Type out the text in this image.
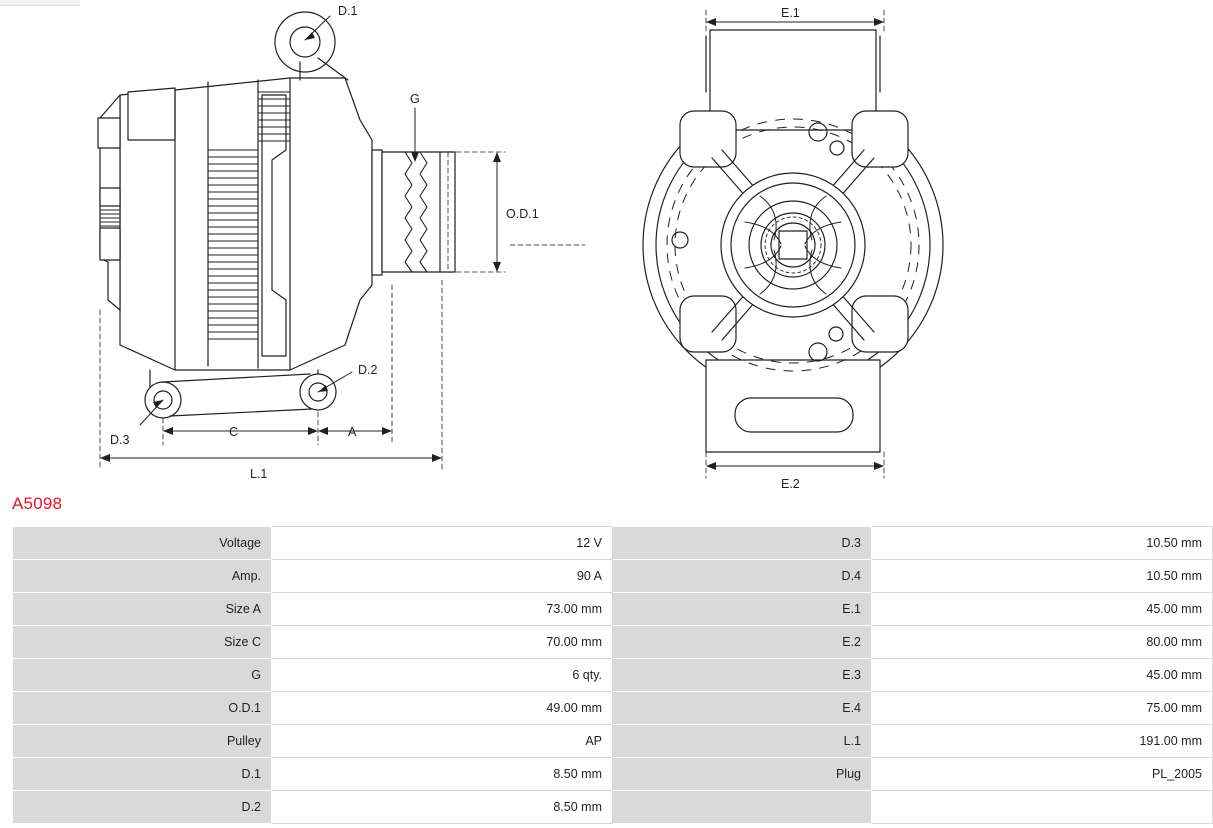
D.1
D.2
D.3
G
O.D.1
C	A
L.1
E.1
E.2
A5098
Voltage	12 V	D.3	10.50 mm
Amp.	90 A	D.4	10.50 mm
Size A	73.00 mm	E.1	45.00 mm
Size C	70.00 mm	E.2	80.00 mm
G	6 qty.	E.3	45.00 mm
O.D.1	49.00 mm	E.4	75.00 mm
Pulley	AP	L.1	191.00 mm
D.1	8.50 mm	Plug	PL_2005
D.2	8.50 mm		
